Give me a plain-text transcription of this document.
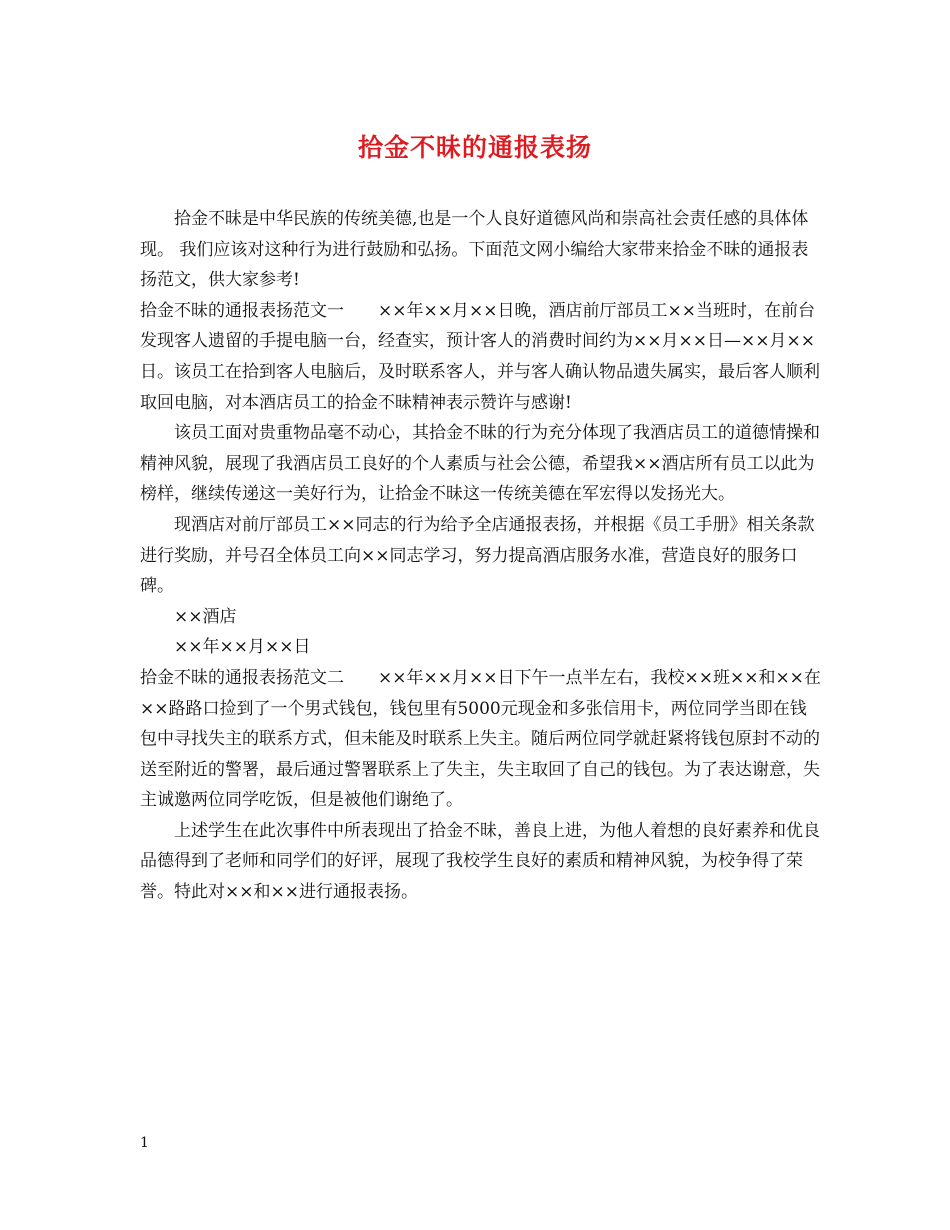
拾金不昧的通报表扬

拾金不昧是中华民族的传统美德,也是一个人良好道德风尚和崇高社会责任感的具体体现。 我们应该对这种行为进行鼓励和弘扬。下面范文网小编给大家带来拾金不昧的通报表扬范文，供大家参考!

拾金不昧的通报表扬范文一 ××年××月××日晚，酒店前厅部员工××当班时，在前台发现客人遗留的手提电脑一台，经查实，预计客人的消费时间约为××月××日—××月××日。该员工在拾到客人电脑后，及时联系客人，并与客人确认物品遗失属实，最后客人顺利取回电脑，对本酒店员工的拾金不昧精神表示赞许与感谢!

该员工面对贵重物品毫不动心，其拾金不昧的行为充分体现了我酒店员工的道德情操和精神风貌，展现了我酒店员工良好的个人素质与社会公德，希望我××酒店所有员工以此为榜样，继续传递这一美好行为，让拾金不昧这一传统美德在军宏得以发扬光大。

现酒店对前厅部员工××同志的行为给予全店通报表扬，并根据《员工手册》相关条款进行奖励，并号召全体员工向××同志学习，努力提高酒店服务水准，营造良好的服务口碑。

××酒店

××年××月××日

拾金不昧的通报表扬范文二 ××年××月××日下午一点半左右，我校××班××和××在××路路口捡到了一个男式钱包，钱包里有5000元现金和多张信用卡，两位同学当即在钱包中寻找失主的联系方式，但未能及时联系上失主。随后两位同学就赶紧将钱包原封不动的送至附近的警署，最后通过警署联系上了失主，失主取回了自己的钱包。为了表达谢意，失主诚邀两位同学吃饭，但是被他们谢绝了。

上述学生在此次事件中所表现出了拾金不昧，善良上进，为他人着想的良好素养和优良品德得到了老师和同学们的好评，展现了我校学生良好的素质和精神风貌，为校争得了荣誉。特此对××和××进行通报表扬。

1
